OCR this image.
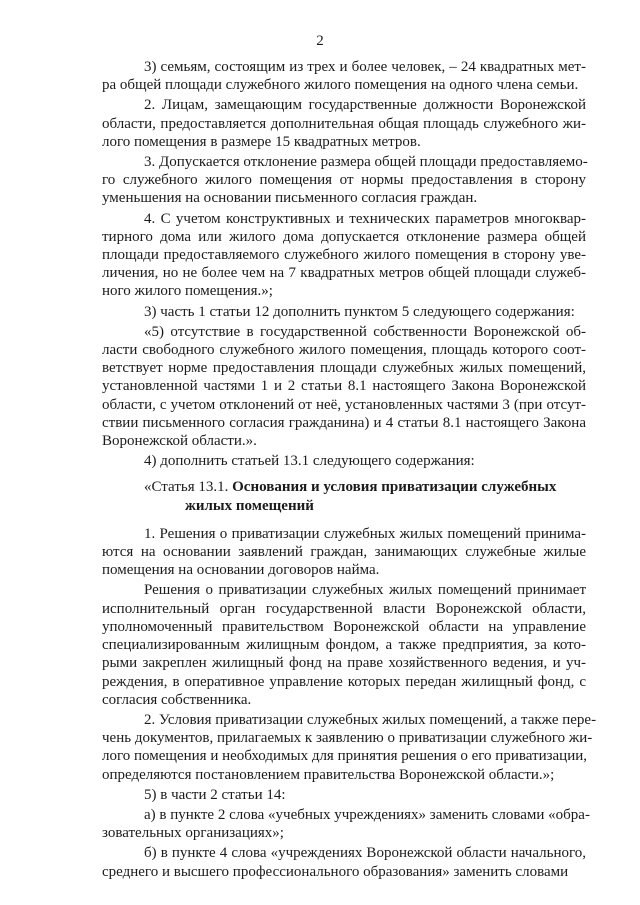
2
3) семьям, состоящим из трех и более человек, – 24 квадратных мет-
ра общей площади служебного жилого помещения на одного члена семьи.
2. Лицам, замещающим государственные должности Воронежской
области, предоставляется дополнительная общая площадь служебного жи-
лого помещения в размере 15 квадратных метров.
3. Допускается отклонение размера общей площади предоставляемо-
го служебного жилого помещения от нормы предоставления в сторону
уменьшения на основании письменного согласия граждан.
4. С учетом конструктивных и технических параметров многоквар-
тирного дома или жилого дома допускается отклонение размера общей
площади предоставляемого служебного жилого помещения в сторону уве-
личения, но не более чем на 7 квадратных метров общей площади служеб-
ного жилого помещения.»;
3) часть 1 статьи 12 дополнить пунктом 5 следующего содержания:
«5) отсутствие в государственной собственности Воронежской об-
ласти свободного служебного жилого помещения, площадь которого соот-
ветствует норме предоставления площади служебных жилых помещений,
установленной частями 1 и 2 статьи 8.1 настоящего Закона Воронежской
области, с учетом отклонений от неё, установленных частями 3 (при отсут-
ствии письменного согласия гражданина) и 4 статьи 8.1 настоящего Закона
Воронежской области.».
4) дополнить статьей 13.1 следующего содержания:
«Статья 13.1. Основания и условия приватизации служебных
жилых помещений
1. Решения о приватизации служебных жилых помещений принима-
ются на основании заявлений граждан, занимающих служебные жилые
помещения на основании договоров найма.
Решения о приватизации служебных жилых помещений принимает
исполнительный орган государственной власти Воронежской области,
уполномоченный правительством Воронежской области на управление
специализированным жилищным фондом, а также предприятия, за кото-
рыми закреплен жилищный фонд на праве хозяйственного ведения, и уч-
реждения, в оперативное управление которых передан жилищный фонд, с
согласия собственника.
2. Условия приватизации служебных жилых помещений, а также пере-
чень документов, прилагаемых к заявлению о приватизации служебного жи-
лого помещения и необходимых для принятия решения о его приватизации,
определяются постановлением правительства Воронежской области.»;
5) в части 2 статьи 14:
а) в пункте 2 слова «учебных учреждениях» заменить словами «обра-
зовательных организациях»;
б) в пункте 4 слова «учреждениях Воронежской области начального,
среднего и высшего профессионального образования» заменить словами
